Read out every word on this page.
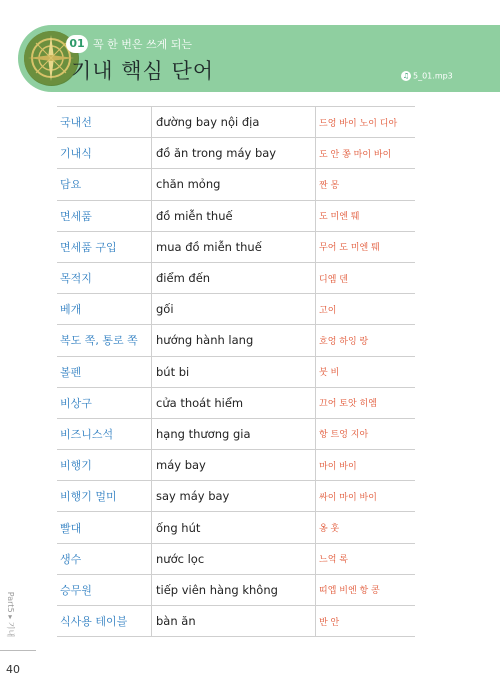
01 꼭 한 번은 쓰게 되는
기내 핵심 단어	♫ 5_01.mp3
국내선	đường bay nội địa	드엉 바이 노이 디아
기내식	đồ ăn trong máy bay	도 안 쫑 마이 바이
담요	chăn mỏng	짠 몽
면세품	đồ miễn thuế	도 미엔 퉤
면세품 구입	mua đồ miễn thuế	무어 도 미엔 퉤
목적지	điểm đến	디엠 덴
베개	gối	고이
복도 쪽, 통로 쪽	hướng hành lang	흐엉 하잉 랑
볼펜	bút bi	붓 비
비상구	cửa thoát hiểm	끄어 토앗 히엠
비즈니스석	hạng thương gia	항 트엉 지아
비행기	máy bay	마이 바이
비행기 멀미	say máy bay	싸이 마이 바이
빨대	ống hút	옹 훗
생수	nước lọc	느억 록
승무원	tiếp viên hàng không	띠엡 비엔 항 콩
식사용 테이블	bàn ăn	반 안
Part5 ▸ 기내
40
